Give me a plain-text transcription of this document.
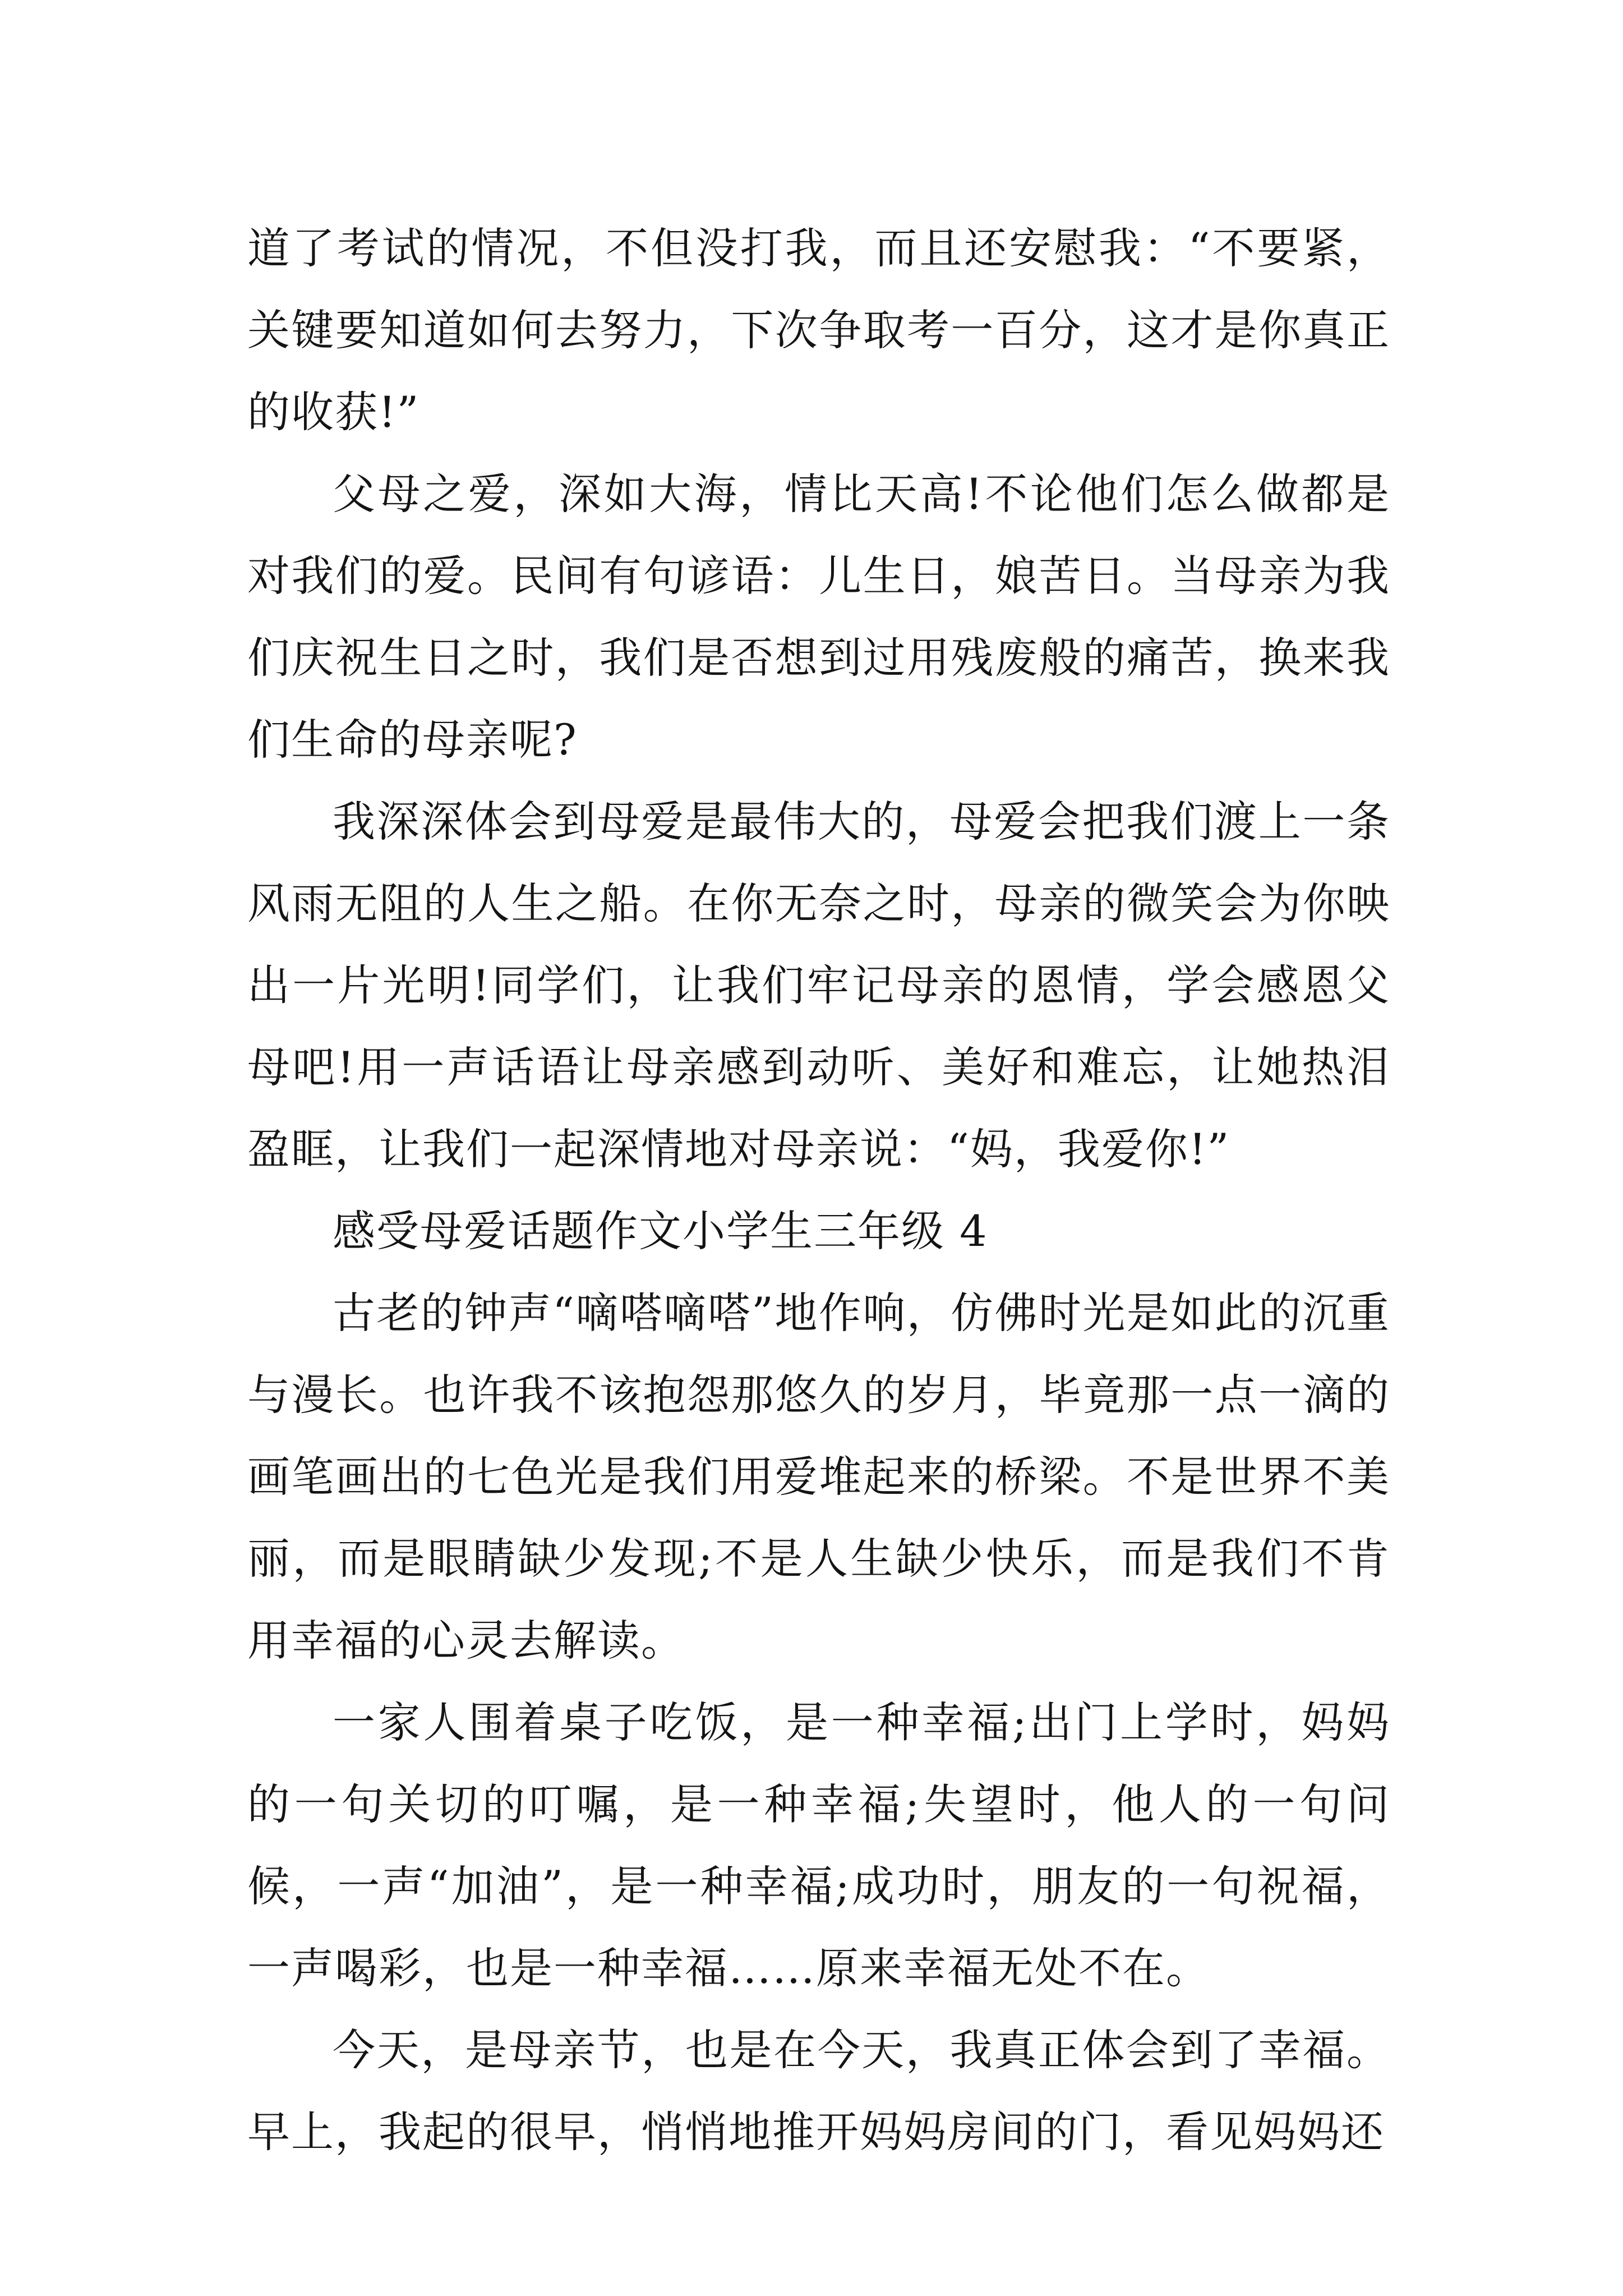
道了考试的情况，不但没打我，而且还安慰我：“不要紧，关键要知道如何去努力，下次争取考一百分，这才是你真正的收获!”

父母之爱，深如大海，情比天高!不论他们怎么做都是对我们的爱。民间有句谚语：儿生日，娘苦日。当母亲为我们庆祝生日之时，我们是否想到过用残废般的痛苦，换来我们生命的母亲呢?

我深深体会到母爱是最伟大的，母爱会把我们渡上一条风雨无阻的人生之船。在你无奈之时，母亲的微笑会为你映出一片光明!同学们，让我们牢记母亲的恩情，学会感恩父母吧!用一声话语让母亲感到动听、美好和难忘，让她热泪盈眶，让我们一起深情地对母亲说：“妈，我爱你!”

感受母爱话题作文小学生三年级 4

古老的钟声“嘀嗒嘀嗒”地作响，仿佛时光是如此的沉重与漫长。也许我不该抱怨那悠久的岁月，毕竟那一点一滴的画笔画出的七色光是我们用爱堆起来的桥梁。不是世界不美丽，而是眼睛缺少发现;不是人生缺少快乐，而是我们不肯用幸福的心灵去解读。

一家人围着桌子吃饭，是一种幸福;出门上学时，妈妈的一句关切的叮嘱，是一种幸福;失望时，他人的一句问候，一声“加油”，是一种幸福;成功时，朋友的一句祝福，一声喝彩，也是一种幸福……原来幸福无处不在。

今天，是母亲节，也是在今天，我真正体会到了幸福。早上，我起的很早，悄悄地推开妈妈房间的门，看见妈妈还
